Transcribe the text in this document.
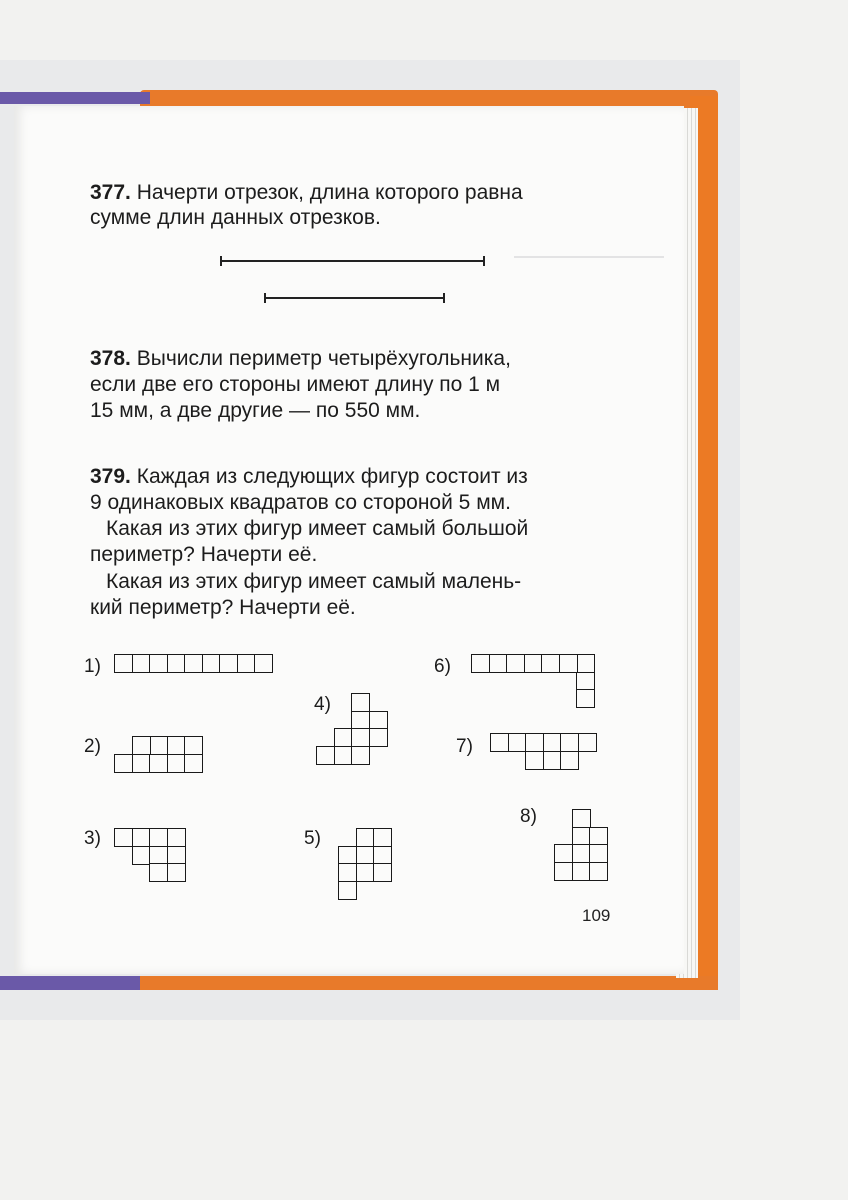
377. Начерти отрезок, длина которого равна
сумме длин данных отрезков.
378. Вычисли периметр четырёхугольника,
если две его стороны имеют длину по 1 м
15 мм, а две другие — по 550 мм.
379. Каждая из следующих фигур состоит из
9 одинаковых квадратов со стороной 5 мм.
Какая из этих фигур имеет самый большой
периметр? Начерти её.
Какая из этих фигур имеет самый малень-
кий периметр? Начерти её.
1)
2)
3)
4)
5)
6)
7)
8)
109
